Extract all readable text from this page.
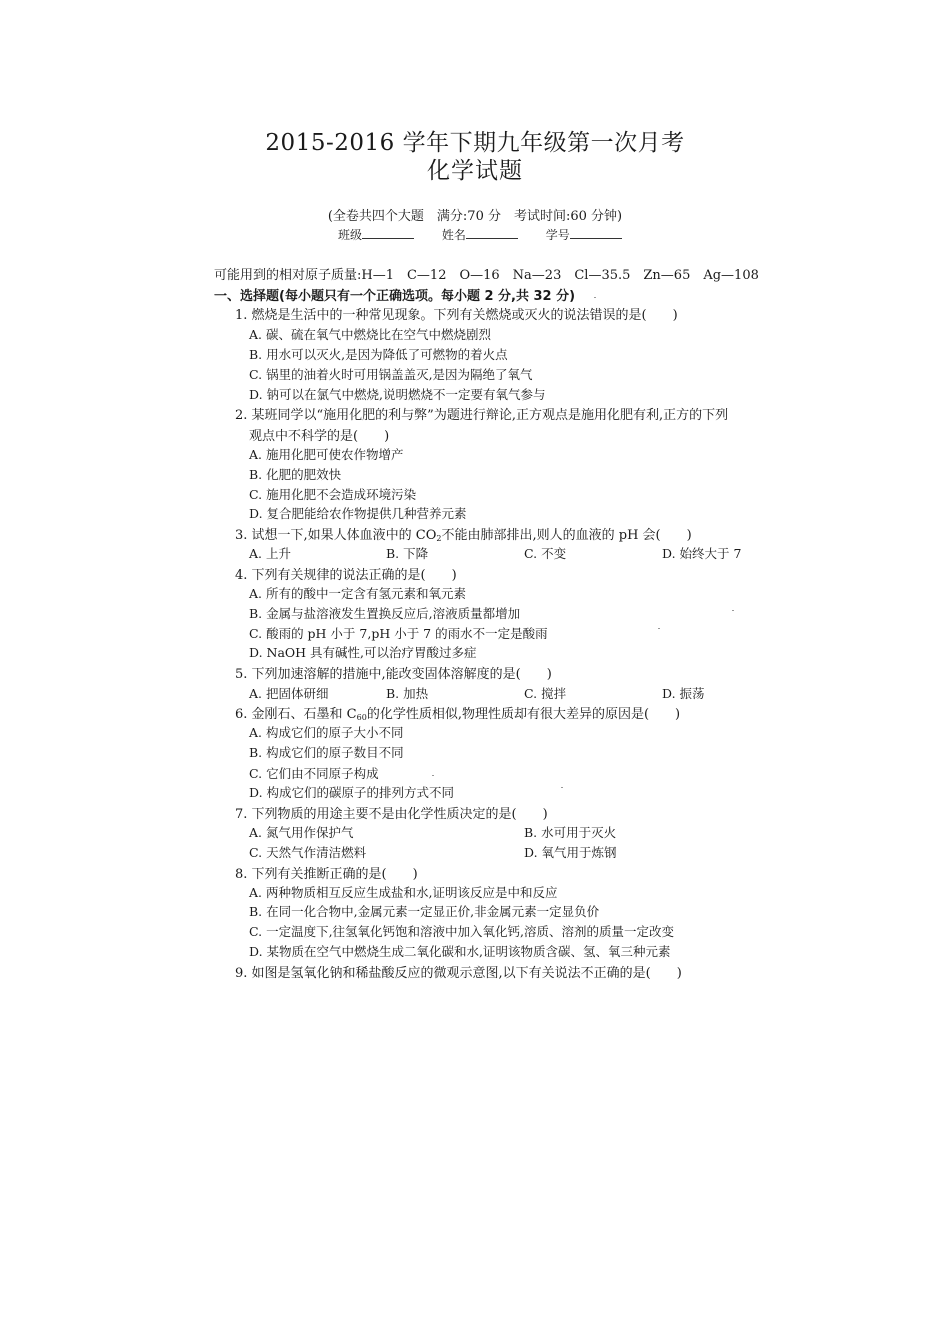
2015-2016 学年下期九年级第一次月考
化学试题
(全卷共四个大题　满分:70 分　考试时间:60 分钟)
班级	姓名	学号
可能用到的相对原子质量:H—1　C—12　O—16　Na—23　Cl—35.5　Zn—65　Ag—108
一、选择题(每小题只有一个正确选项。每小题 2 分,共 32 分)
1. 燃烧是生活中的一种常见现象。下列有关燃烧或灭火的说法错误的是(　　)
A. 碳、硫在氧气中燃烧比在空气中燃烧剧烈
B. 用水可以灭火,是因为降低了可燃物的着火点
C. 锅里的油着火时可用锅盖盖灭,是因为隔绝了氧气
D. 钠可以在氯气中燃烧,说明燃烧不一定要有氧气参与
2. 某班同学以“施用化肥的利与弊”为题进行辩论,正方观点是施用化肥有利,正方的下列
观点中不科学的是(　　)
A. 施用化肥可使农作物增产
B. 化肥的肥效快
C. 施用化肥不会造成环境污染
D. 复合肥能给农作物提供几种营养元素
3. 试想一下,如果人体血液中的 $CO_2$不能由肺部排出,则人的血液的 pH 会(　　)
A. 上升	B. 下降	C. 不变	D. 始终大于 7
4. 下列有关规律的说法正确的是(　　)
A. 所有的酸中一定含有氢元素和氧元素
B. 金属与盐溶液发生置换反应后,溶液质量都增加
C. 酸雨的 pH 小于 7,pH 小于 7 的雨水不一定是酸雨
D. NaOH 具有碱性,可以治疗胃酸过多症
5. 下列加速溶解的措施中,能改变固体溶解度的是(　　)
A. 把固体研细	B. 加热	C. 搅拌	D. 振荡
6. 金刚石、石墨和 $C_{60}$的化学性质相似,物理性质却有很大差异的原因是(　　)
A. 构成它们的原子大小不同
B. 构成它们的原子数目不同
C. 它们由不同原子构成
D. 构成它们的碳原子的排列方式不同
7. 下列物质的用途主要不是由化学性质决定的是(　　)
A. 氮气用作保护气	B. 水可用于灭火
C. 天然气作清洁燃料	D. 氧气用于炼钢
8. 下列有关推断正确的是(　　)
A. 两种物质相互反应生成盐和水,证明该反应是中和反应
B. 在同一化合物中,金属元素一定显正价,非金属元素一定显负价
C. 一定温度下,往氢氧化钙饱和溶液中加入氧化钙,溶质、溶剂的质量一定改变
D. 某物质在空气中燃烧生成二氧化碳和水,证明该物质含碳、氢、氧三种元素
9. 如图是氢氧化钠和稀盐酸反应的微观示意图,以下有关说法不正确的是(　　)
